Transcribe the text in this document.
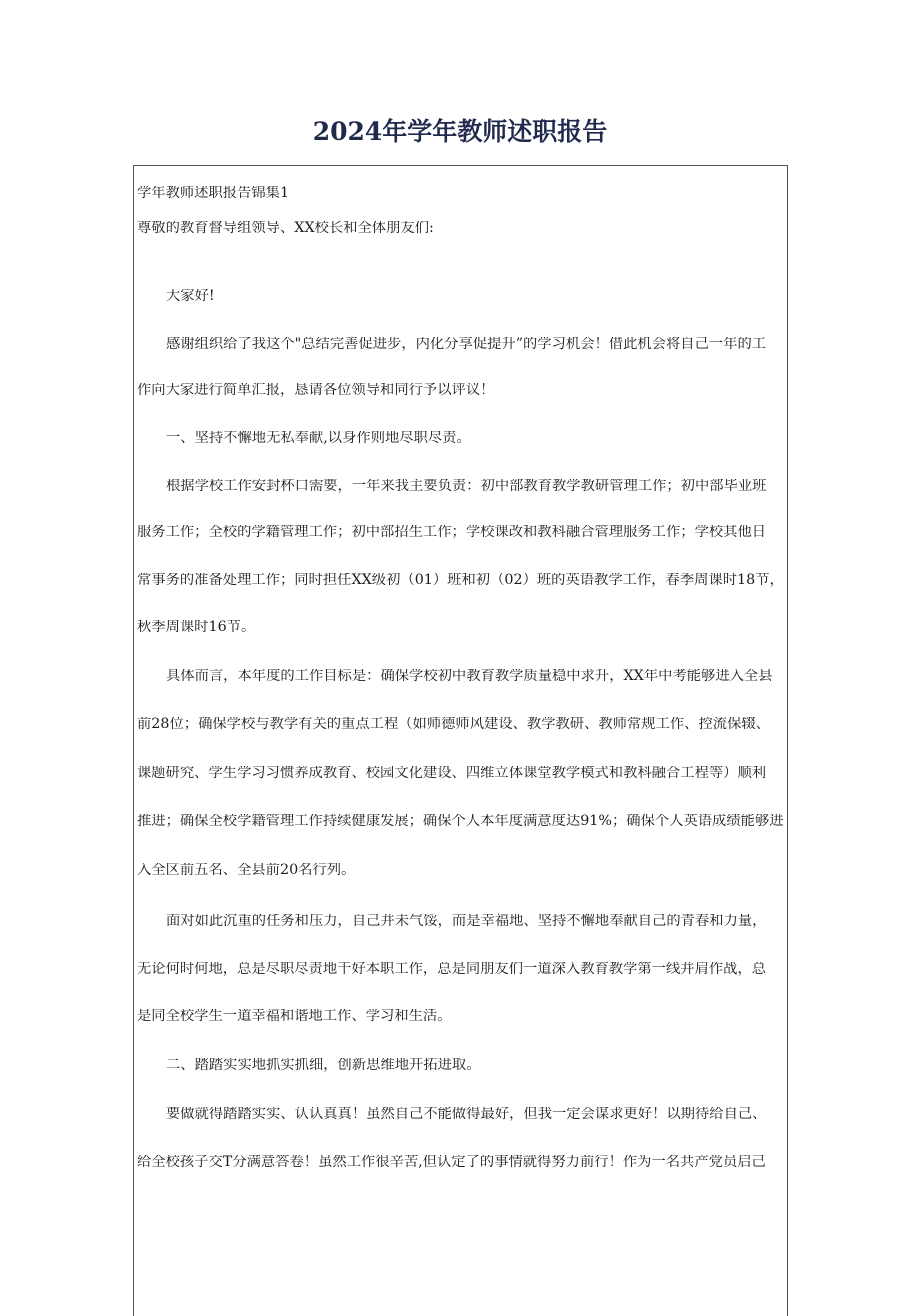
2024年学年教师述职报告
学年教师述职报告锦集1
尊敬的教育督导组领导、XX校长和全体朋友们:
大家好!
感谢组织给了我这个"总结完善促进步，内化分享促提升”的学习机会！借此机会将自己一年的工
作向大家进行简单汇报，恳请各位领导和同行予以评议！
一、坚持不懈地无私奉献,以身作则地尽职尽责。
根据学校工作安封杯口需要，一年来我主要负责：初中部教育教学教研管理工作；初中部毕业班
服务工作；全校的学籍管理工作；初中部招生工作；学校课改和教科融合管理服务工作；学校其他日
常事务的准备处理工作；同时担任XX级初（01）班和初（02）班的英语教学工作，春季周课时18节，
秋季周课时16节。
具体而言，本年度的工作目标是：确保学校初中教育教学质量稳中求升，XX年中考能够进入全县
前28位；确保学校与教学有关的重点工程（如师德师风建设、教学教研、教师常规工作、控流保辍、
课题研究、学生学习习惯养成教育、校园文化建设、四维立体课堂教学模式和教科融合工程等）顺利
推进；确保全校学籍管理工作持续健康发展；确保个人本年度满意度达91%；确保个人英语成绩能够进
入全区前五名、全县前20名行列。
面对如此沉重的任务和压力，自己并未气馁，而是幸福地、坚持不懈地奉献自己的青春和力量，
无论何时何地，总是尽职尽责地干好本职工作，总是同朋友们一道深入教育教学第一线并肩作战，总
是同全校学生一道幸福和谐地工作、学习和生活。
二、踏踏实实地抓实抓细，创新思维地开拓进取。
要做就得踏踏实实、认认真真！虽然自己不能做得最好，但我一定会谋求更好！以期待给自己、
给全校孩子交T分满意答卷！虽然工作很辛苦,但认定了的事情就得努力前行！作为一名共产党员启己
